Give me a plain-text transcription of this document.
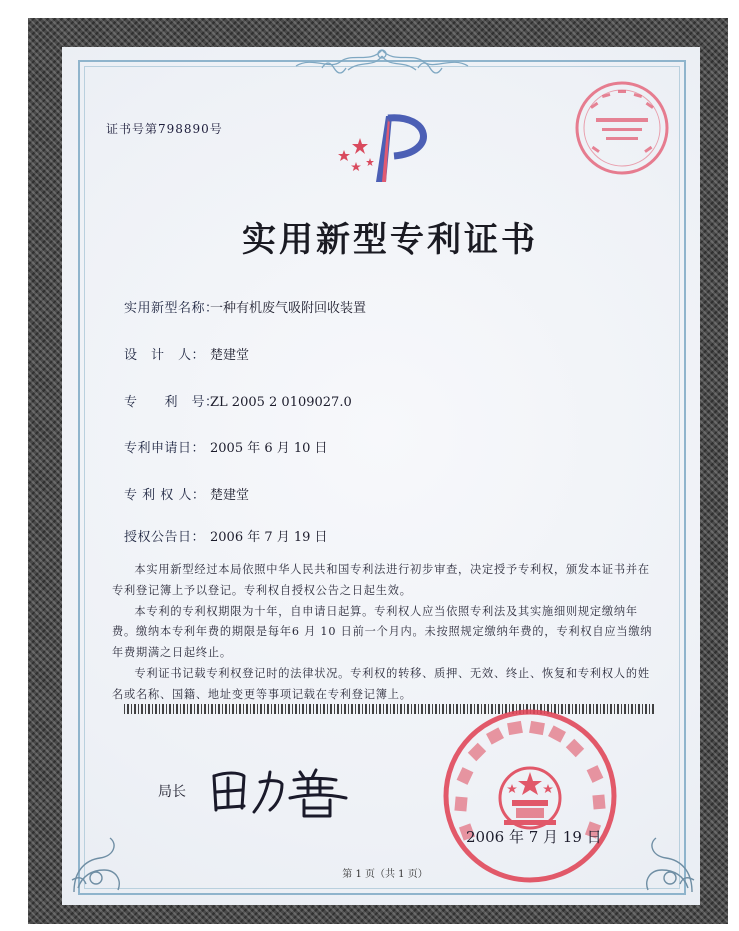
证书号第798890号
实用新型专利证书
实用新型名称：一种有机废气吸附回收装置
设　计　人： 楚建堂
专　　利　号：ZL 2005 2 0109027.0
专利申请日： 2005 年 6 月 10 日
专 利 权 人： 楚建堂
授权公告日： 2006 年 7 月 19 日

本实用新型经过本局依照中华人民共和国专利法进行初步审查，决定授予专利权，颁发本证书并在专利登记簿上予以登记。专利权自授权公告之日起生效。

本专利的专利权期限为十年，自申请日起算。专利权人应当依照专利法及其实施细则规定缴纳年费。缴纳本专利年费的期限是每年6 月 10 日前一个月内。未按照规定缴纳年费的，专利权自应当缴纳年费期满之日起终止。

专利证书记载专利权登记时的法律状况。专利权的转移、质押、无效、终止、恢复和专利权人的姓名或名称、国籍、地址变更等事项记载在专利登记簿上。

局长
2006 年 7 月 19 日
第 1 页（共 1 页）
